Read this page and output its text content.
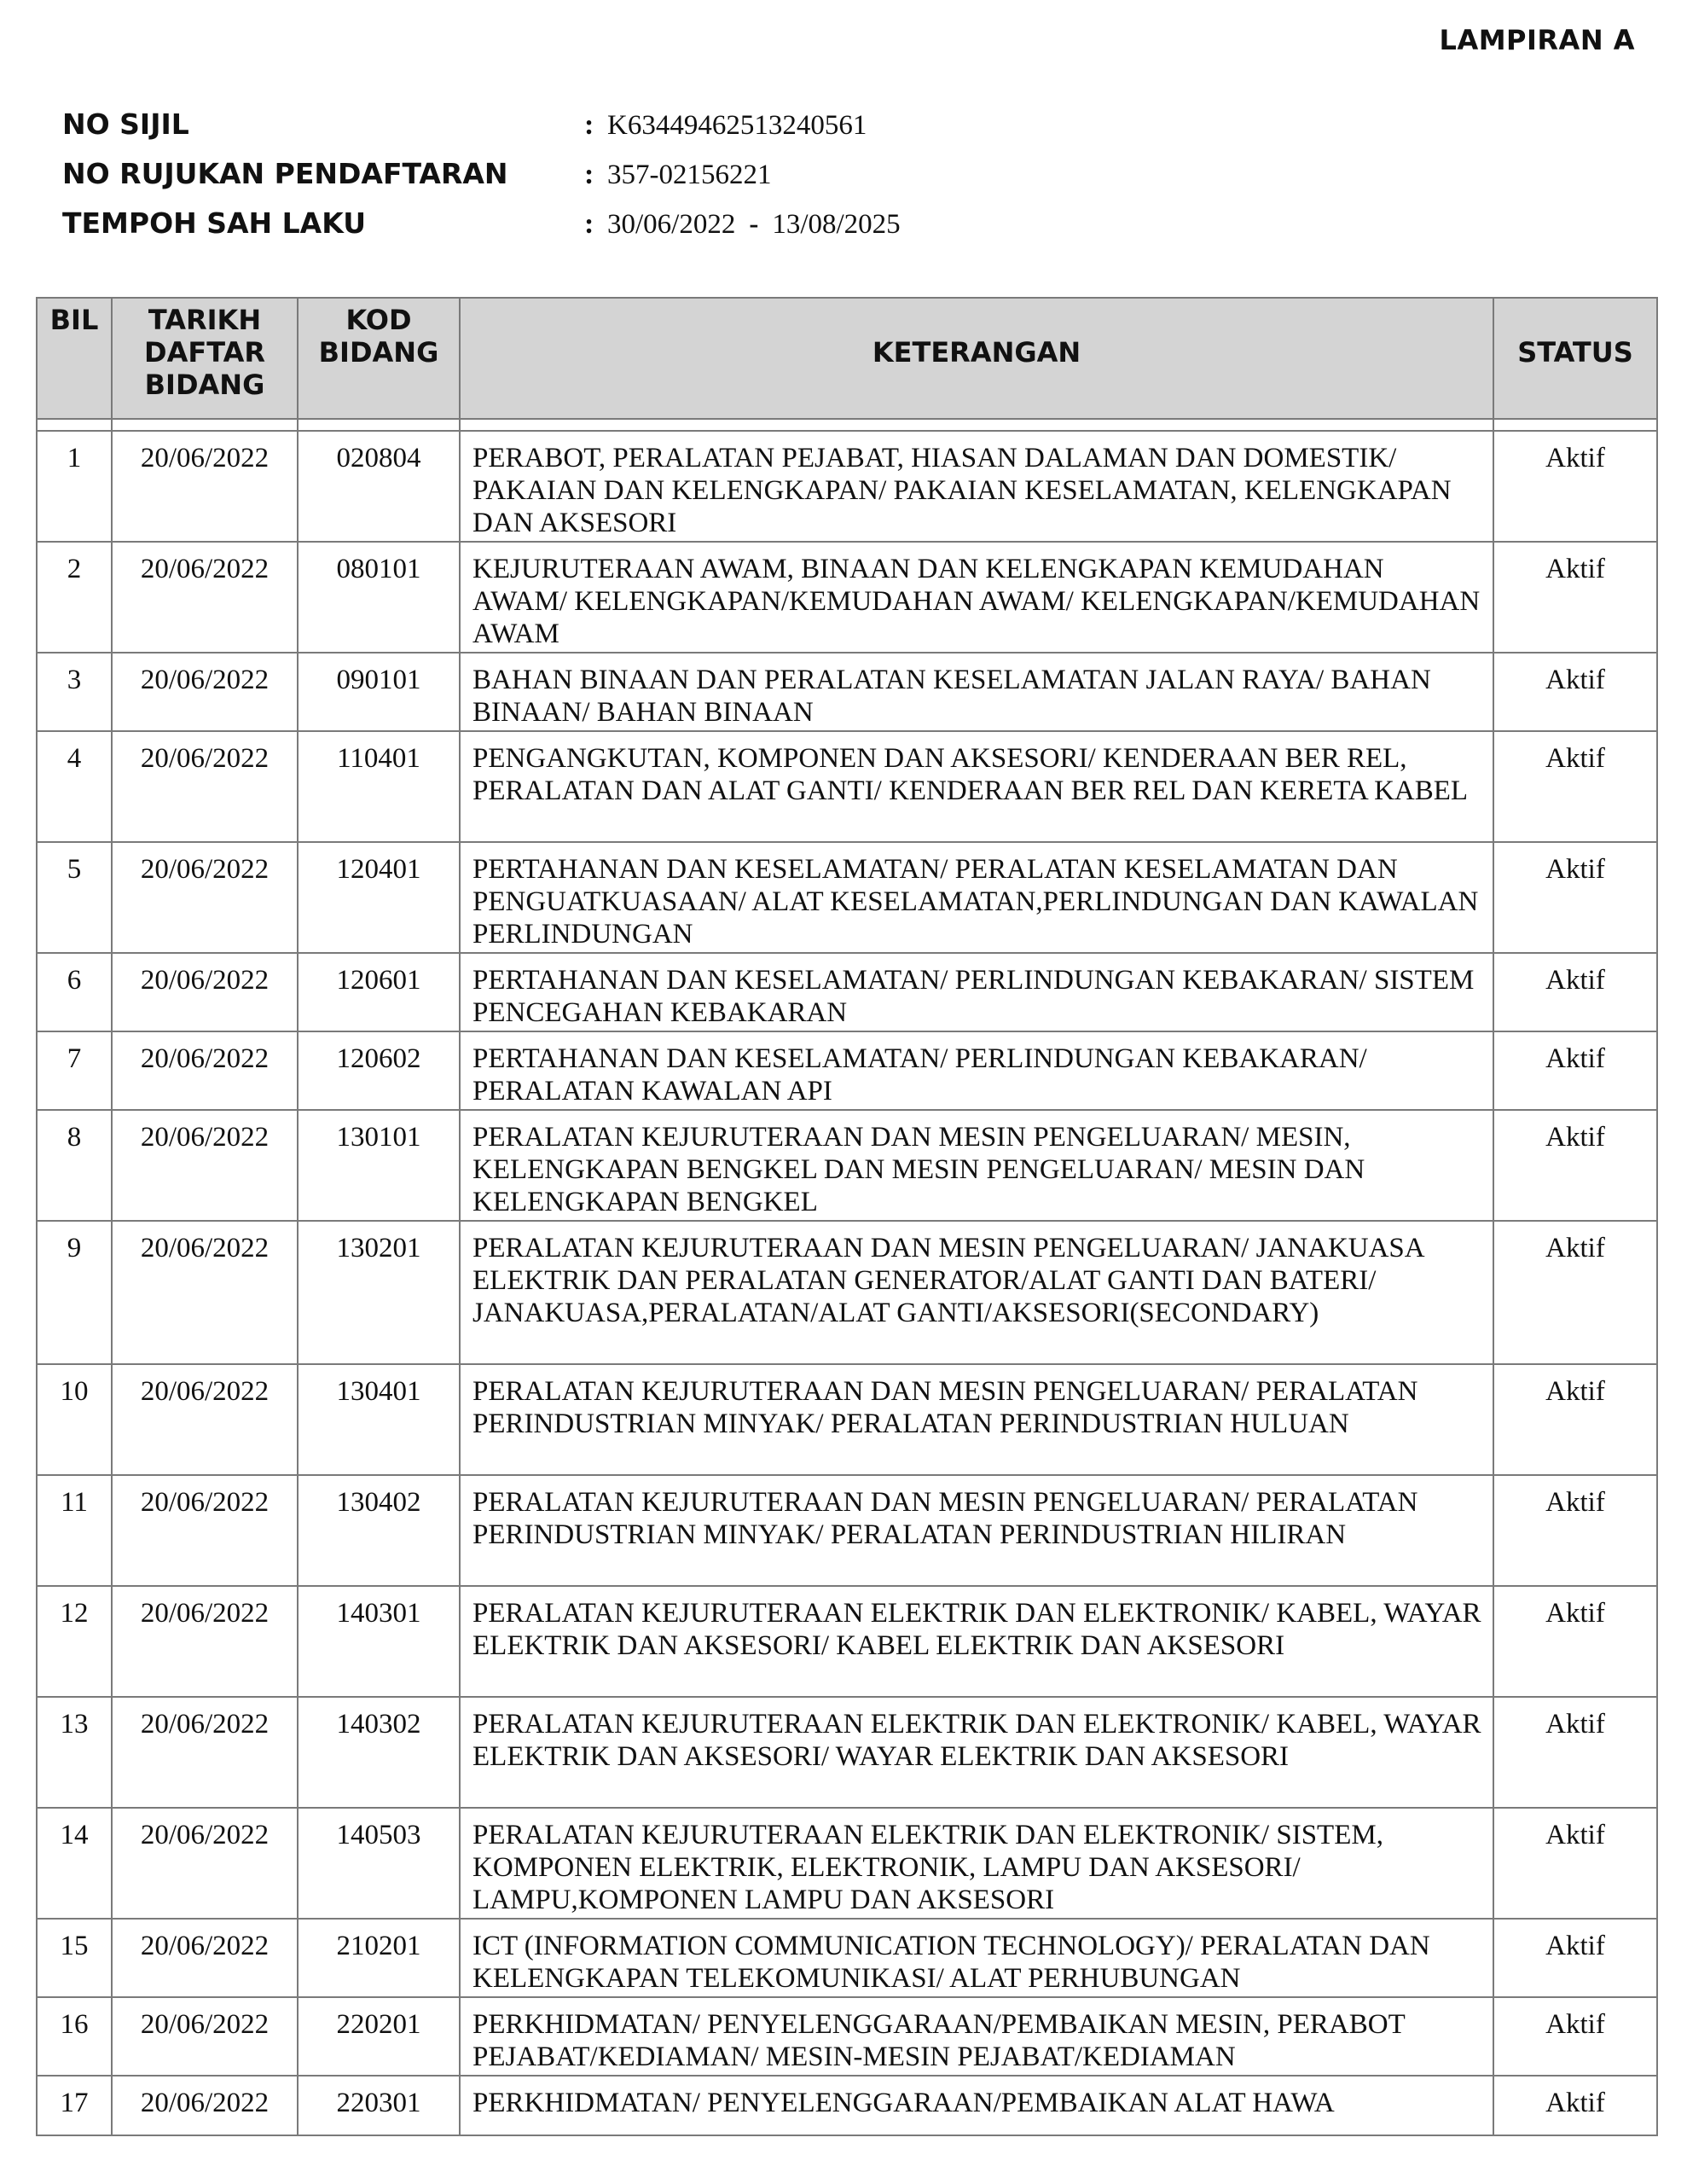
LAMPIRAN A
NO SIJIL	: K63449462513240561
NO RUJUKAN PENDAFTARAN	: 357-02156221
TEMPOH SAH LAKU	: 30/06/2022 - 13/08/2025
BIL	TARIKH DAFTAR BIDANG	KOD BIDANG	KETERANGAN	STATUS

1	20/06/2022	020804	PERABOT, PERALATAN PEJABAT, HIASAN DALAMAN DAN DOMESTIK/ PAKAIAN DAN KELENGKAPAN/ PAKAIAN KESELAMATAN, KELENGKAPAN DAN AKSESORI	Aktif
2	20/06/2022	080101	KEJURUTERAAN AWAM, BINAAN DAN KELENGKAPAN KEMUDAHAN AWAM/ KELENGKAPAN/KEMUDAHAN AWAM/ KELENGKAPAN/KEMUDAHAN AWAM	Aktif
3	20/06/2022	090101	BAHAN BINAAN DAN PERALATAN KESELAMATAN JALAN RAYA/ BAHAN BINAAN/ BAHAN BINAAN	Aktif
4	20/06/2022	110401	PENGANGKUTAN, KOMPONEN DAN AKSESORI/ KENDERAAN BER REL, PERALATAN DAN ALAT GANTI/ KENDERAAN BER REL DAN KERETA KABEL	Aktif
5	20/06/2022	120401	PERTAHANAN DAN KESELAMATAN/ PERALATAN KESELAMATAN DAN PENGUATKUASAAN/ ALAT KESELAMATAN,PERLINDUNGAN DAN KAWALAN PERLINDUNGAN	Aktif
6	20/06/2022	120601	PERTAHANAN DAN KESELAMATAN/ PERLINDUNGAN KEBAKARAN/ SISTEM PENCEGAHAN KEBAKARAN	Aktif
7	20/06/2022	120602	PERTAHANAN DAN KESELAMATAN/ PERLINDUNGAN KEBAKARAN/ PERALATAN KAWALAN API	Aktif
8	20/06/2022	130101	PERALATAN KEJURUTERAAN DAN MESIN PENGELUARAN/ MESIN, KELENGKAPAN BENGKEL DAN MESIN PENGELUARAN/ MESIN DAN KELENGKAPAN BENGKEL	Aktif
9	20/06/2022	130201	PERALATAN KEJURUTERAAN DAN MESIN PENGELUARAN/ JANAKUASA ELEKTRIK DAN PERALATAN GENERATOR/ALAT GANTI DAN BATERI/ JANAKUASA,PERALATAN/ALAT GANTI/AKSESORI(SECONDARY)	Aktif
10	20/06/2022	130401	PERALATAN KEJURUTERAAN DAN MESIN PENGELUARAN/ PERALATAN PERINDUSTRIAN MINYAK/ PERALATAN PERINDUSTRIAN HULUAN	Aktif
11	20/06/2022	130402	PERALATAN KEJURUTERAAN DAN MESIN PENGELUARAN/ PERALATAN PERINDUSTRIAN MINYAK/ PERALATAN PERINDUSTRIAN HILIRAN	Aktif
12	20/06/2022	140301	PERALATAN KEJURUTERAAN ELEKTRIK DAN ELEKTRONIK/ KABEL, WAYAR ELEKTRIK DAN AKSESORI/ KABEL ELEKTRIK DAN AKSESORI	Aktif
13	20/06/2022	140302	PERALATAN KEJURUTERAAN ELEKTRIK DAN ELEKTRONIK/ KABEL, WAYAR ELEKTRIK DAN AKSESORI/ WAYAR ELEKTRIK DAN AKSESORI	Aktif
14	20/06/2022	140503	PERALATAN KEJURUTERAAN ELEKTRIK DAN ELEKTRONIK/ SISTEM, KOMPONEN ELEKTRIK, ELEKTRONIK, LAMPU DAN AKSESORI/ LAMPU,KOMPONEN LAMPU DAN AKSESORI	Aktif
15	20/06/2022	210201	ICT (INFORMATION COMMUNICATION TECHNOLOGY)/ PERALATAN DAN KELENGKAPAN TELEKOMUNIKASI/ ALAT PERHUBUNGAN	Aktif
16	20/06/2022	220201	PERKHIDMATAN/ PENYELENGGARAAN/PEMBAIKAN MESIN, PERABOT PEJABAT/KEDIAMAN/ MESIN-MESIN PEJABAT/KEDIAMAN	Aktif
17	20/06/2022	220301	PERKHIDMATAN/ PENYELENGGARAAN/PEMBAIKAN ALAT HAWA	Aktif
